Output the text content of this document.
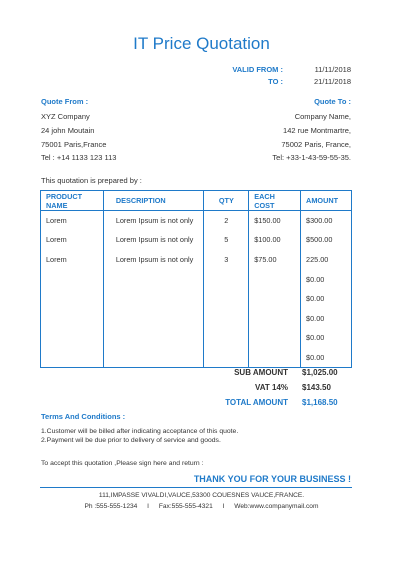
IT Price Quotation
VALID FROM :	11/11/2018
TO :	21/11/2018
Quote From :	Quote To :
XYZ Company
24 john Moutain
75001 Paris,France
Tel : +14 1133 123 113
Company Name,
142 rue Montmartre,
75002 Paris, France,
Tel: +33-1-43-59-55-35.
This quotation is prepared by :
PRODUCT NAME	DESCRIPTION	QTY	EACH COST	AMOUNT
Lorem	Lorem Ipsum is not only	2	$150.00	$300.00
Lorem	Lorem Ipsum is not only	5	$100.00	$500.00
Lorem	Lorem Ipsum is not only	3	$75.00	225.00
				$0.00
				$0.00
				$0.00
				$0.00
				$0.00
SUB AMOUNT	$1,025.00
VAT 14%	$143.50
TOTAL AMOUNT	$1,168.50
Terms And Conditions :
1.Customer will be billed after indicating acceptance of this quote.
2.Payment wil be due prior to delivery of service and goods.
To accept this quotation ,Please sign here and return :
THANK YOU FOR YOUR BUSINESS !
111,IMPASSE VIVALDI,VAUCE,53300 COUESNES VAUCE,FRANCE.
Ph :555-555-1234 I Fax:555-555-4321 I Web:www.companymail.com
